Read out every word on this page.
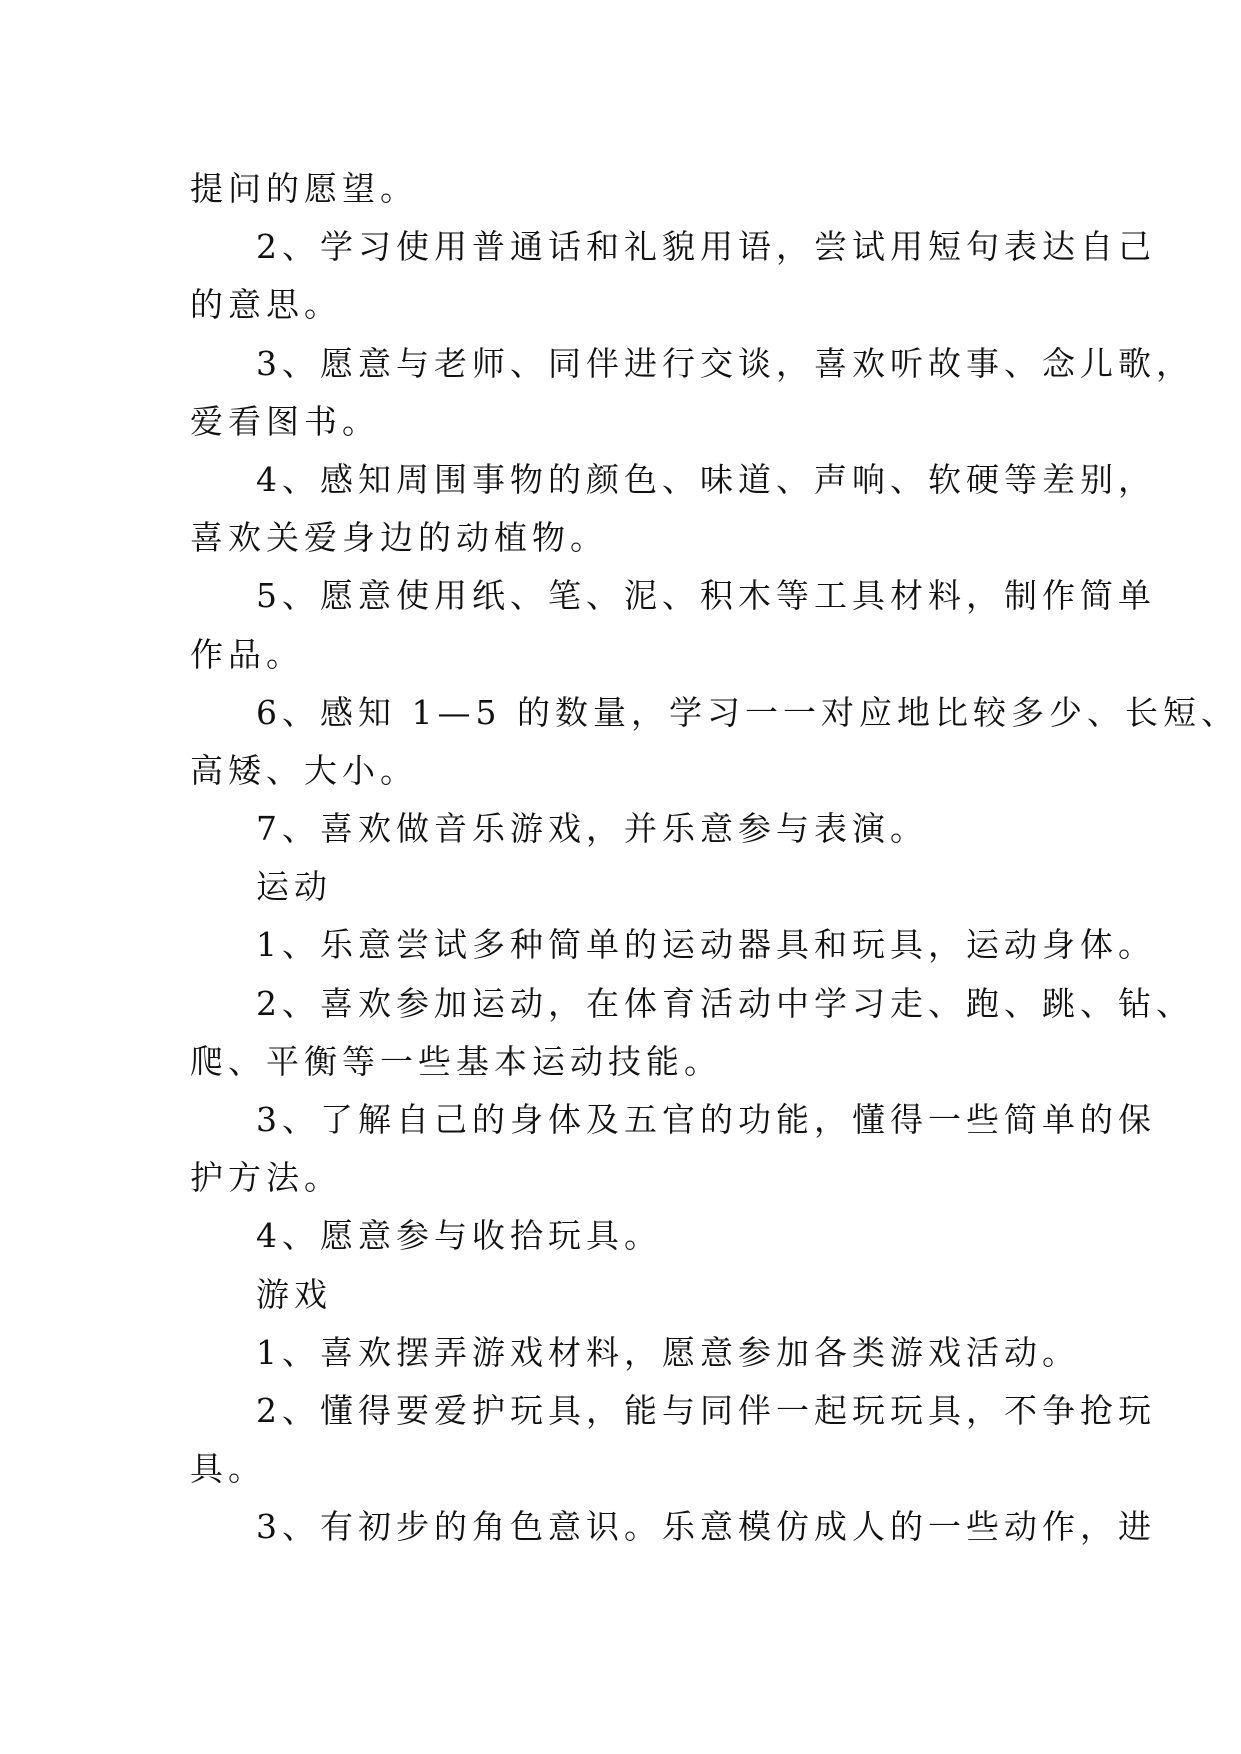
提问的愿望。
2、学习使用普通话和礼貌用语，尝试用短句表达自己
的意思。
3、愿意与老师、同伴进行交谈，喜欢听故事、念儿歌，
爱看图书。
4、感知周围事物的颜色、味道、声响、软硬等差别，
喜欢关爱身边的动植物。
5、愿意使用纸、笔、泥、积木等工具材料，制作简单
作品。
6、感知 1—5 的数量，学习一一对应地比较多少、长短、
高矮、大小。
7、喜欢做音乐游戏，并乐意参与表演。
运动
1、乐意尝试多种简单的运动器具和玩具，运动身体。
2、喜欢参加运动，在体育活动中学习走、跑、跳、钻、
爬、平衡等一些基本运动技能。
3、了解自己的身体及五官的功能，懂得一些简单的保
护方法。
4、愿意参与收拾玩具。
游戏
1、喜欢摆弄游戏材料，愿意参加各类游戏活动。
2、懂得要爱护玩具，能与同伴一起玩玩具，不争抢玩
具。
3、有初步的角色意识。乐意模仿成人的一些动作，进
